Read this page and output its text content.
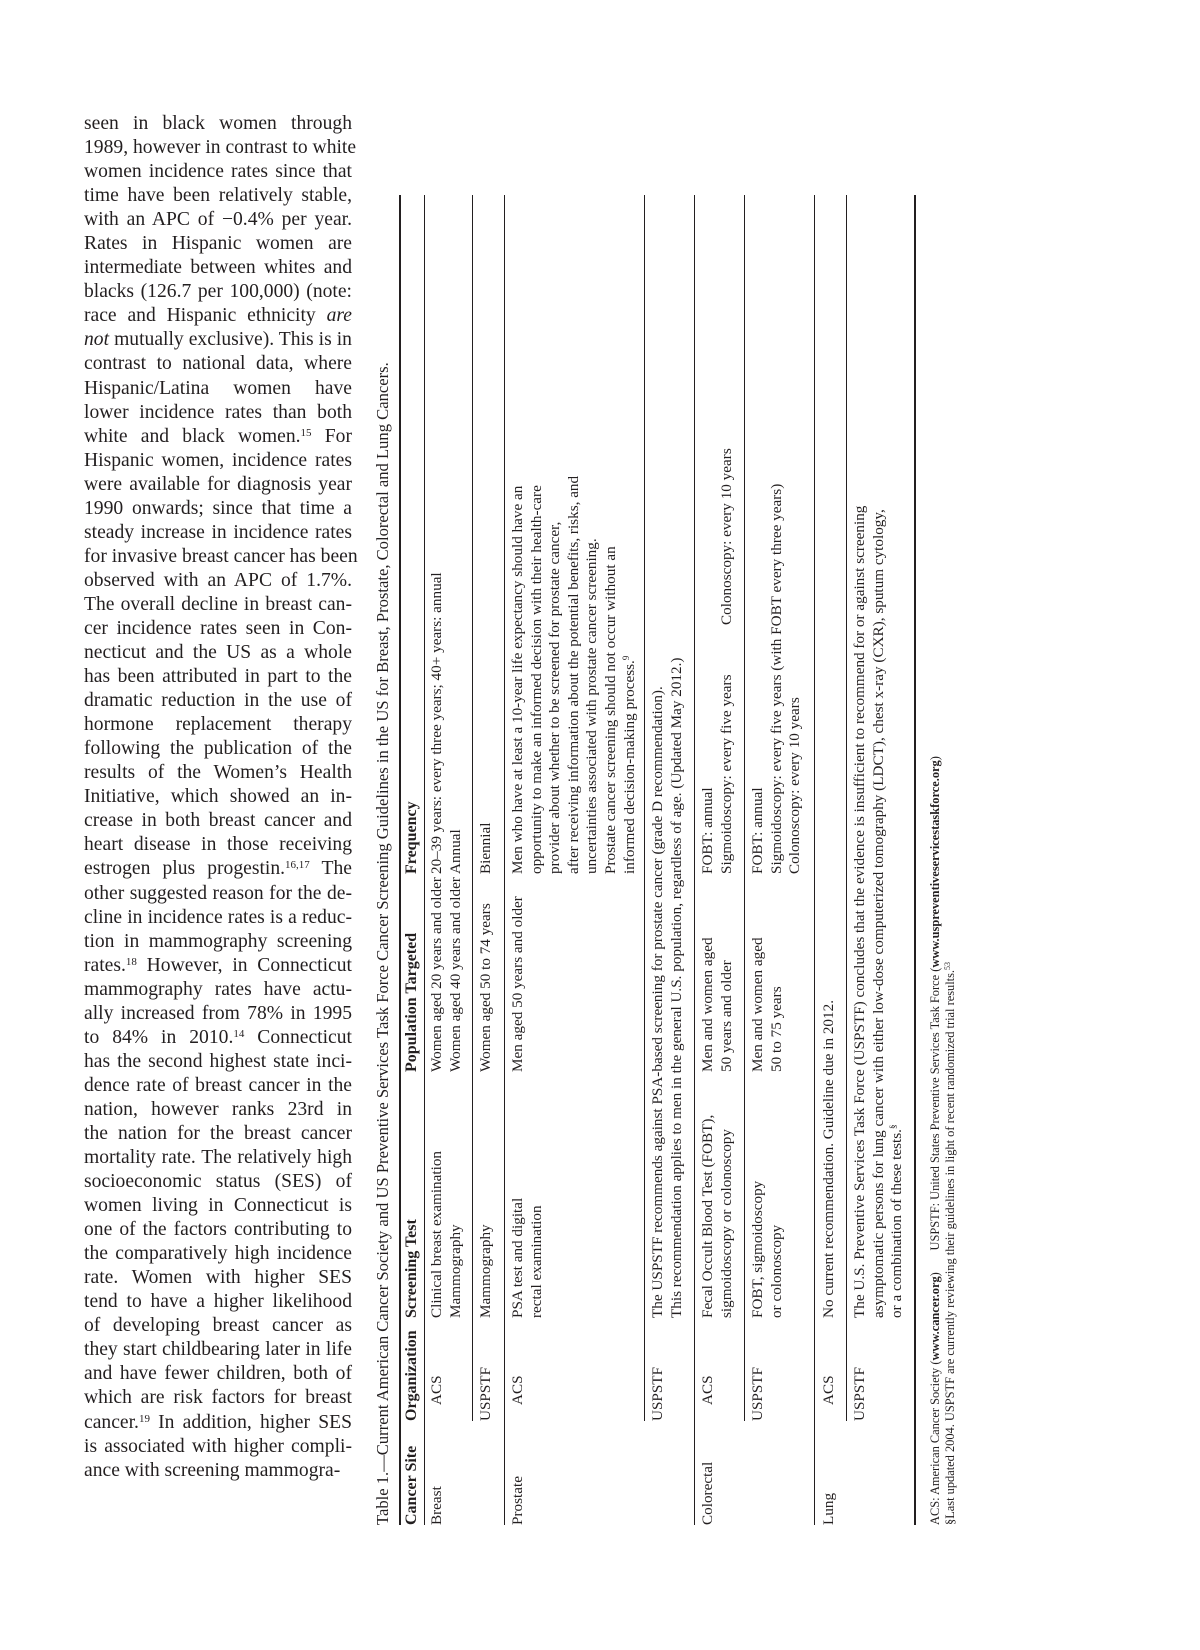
seen in black women through
1989, however in contrast to white
women incidence rates since that
time have been relatively stable,
with an APC of −0.4% per year.
Rates in Hispanic women are
intermediate between whites and
blacks (126.7 per 100,000) (note:
race and Hispanic ethnicity are
not mutually exclusive). This is in
contrast to national data, where
Hispanic/Latina women have
lower incidence rates than both
white and black women.$^{15}$ For
Hispanic women, incidence rates
were available for diagnosis year
1990 onwards; since that time a
steady increase in incidence rates
for invasive breast cancer has been
observed with an APC of 1.7%.
The overall decline in breast can-
cer incidence rates seen in Con-
necticut and the US as a whole
has been attributed in part to the
dramatic reduction in the use of
hormone replacement therapy
following the publication of the
results of the Women’s Health
Initiative, which showed an in-
crease in both breast cancer and
heart disease in those receiving
estrogen plus progestin.$^{16,17}$ The
other suggested reason for the de-
cline in incidence rates is a reduc-
tion in mammography screening
rates.$^{18}$ However, in Connecticut
mammography rates have actu-
ally increased from 78% in 1995
to 84% in 2010.14 Connecticut
has the second highest state inci-
dence rate of breast cancer in the
nation, however ranks 23rd in
the nation for the breast cancer
mortality rate. The relatively high
socioeconomic status (SES) of
women living in Connecticut is
one of the factors contributing to
the comparatively high incidence
rate. Women with higher SES
tend to have a higher likelihood
of developing breast cancer as
they start childbearing later in life
and have fewer children, both of
which are risk factors for breast
cancer.$^{19}$ In addition, higher SES
is associated with higher compli-
ance with screening mammogra-	Table 1.—Current American Cancer Society and US Preventive Services Task Force Cancer Screening Guidelines in the US for Breast, Prostate, Colorectal and Lung Cancers. Cancer Site
Organization
Screening Test
Population Targeted
Frequency
Breast
ACS
Clinical breast examination Mammography
Women aged 20 years and older Women aged 40 years and older
20–39 years: every three years; 40+ years: annual Annual
USPSTF
Mammography
Women aged 50 to 74 years
Biennial
Prostate
ACS
PSA test and digital rectal examination
Men aged 50 years and older
Men who have at least a 10-year life expectancy should have an opportunity to make an informed decision with their health-care provider about whether to be screened for prostate cancer, after receiving information about the potential benefits, risks, and uncertainties associated with prostate cancer screening. Prostate cancer screening should not occur without an informed decision-making process.$^9$
USPSTF
The USPSTF recommends against PSA-based screening for prostate cancer (grade D recommendation). This recommendation applies to men in the general U.S. population, regardless of age. (Updated May 2012.)
Colorectal
ACS
Fecal Occult Blood Test (FOBT), sigmoidoscopy or colonoscopy
Men and women aged 50 years and older
FOBT: annual Sigmoidoscopy: every five years
Colonoscopy: every 10 years
USPSTF
FOBT, sigmoidoscopy or colonoscopy
Men and women aged 50 to 75 years
FOBT: annual Sigmoidoscopy: every five years (with FOBT every three years) Colonoscopy: every 10 years
Lung
ACS
No current recommendation. Guideline due in 2012.
USPSTF
The U.S. Preventive Services Task Force (USPSTF) concludes that the evidence is insufficient to recommend for or against screening asymptomatic persons for lung cancer with either low-dose computerized tomography (LDCT), chest x-ray (CXR), sputum cytology, or a combination of these tests.§
ACS: American Cancer Society (www.cancer.org)       USPSTF: United States Preventive Services Task Force (www.uspreventiveservicestaskforce.org)
§Last updated 2004. USPSTF are currently reviewing their guidelines in light of recent randomized trial results.$^{53}$
